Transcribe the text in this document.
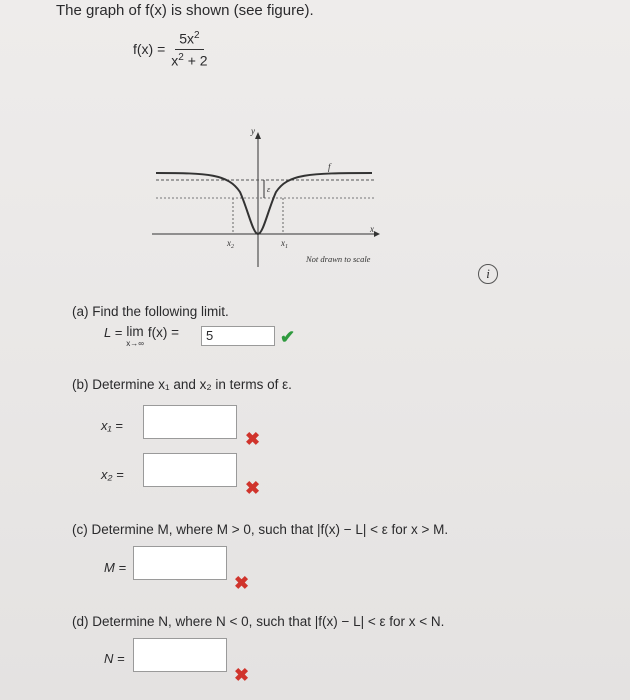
The graph of f(x) is shown (see figure).
$f(x) = \frac{5x^2}{x^2 + 2}$
y
x
f
ε
$x_2$	$x_1$
Not drawn to scale
i
(a) Find the following limit.
L = lim
x→∞
f(x) =	5	✔
(b) Determine x₁ and x₂ in terms of ε.
x₁ =
✖
x₂ =
✖
(c) Determine M, where M > 0, such that |f(x) − L| < ε for x > M.
M =
✖
(d) Determine N, where N < 0, such that |f(x) − L| < ε for x < N.
N =
✖
